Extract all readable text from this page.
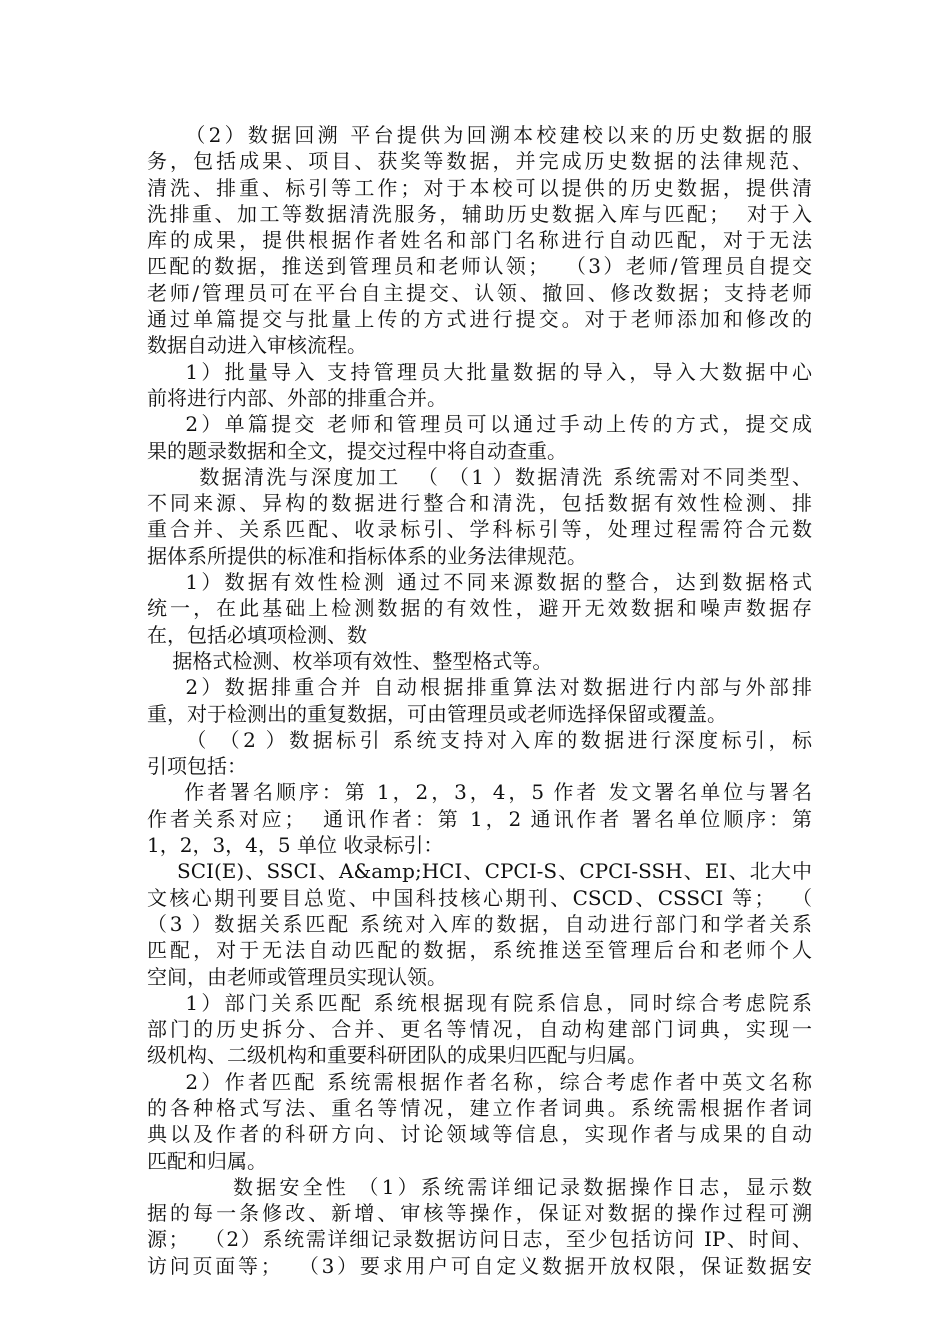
（2）数据回溯 平台提供为回溯本校建校以来的历史数据的服
务，包括成果、项目、获奖等数据，并完成历史数据的法律规范、
清洗、排重、标引等工作；对于本校可以提供的历史数据，提供清
洗排重、加工等数据清洗服务，辅助历史数据入库与匹配；  对于入
库的成果，提供根据作者姓名和部门名称进行自动匹配，对于无法
匹配的数据，推送到管理员和老师认领；  （3）老师/管理员自提交
老师/管理员可在平台自主提交、认领、撤回、修改数据；支持老师
通过单篇提交与批量上传的方式进行提交。对于老师添加和修改的
数据自动进入审核流程。
1）批量导入 支持管理员大批量数据的导入，导入大数据中心
前将进行内部、外部的排重合并。
2）单篇提交 老师和管理员可以通过手动上传的方式，提交成
果的题录数据和全文，提交过程中将自动查重。
数据清洗与深度加工  （ （1 ）数据清洗 系统需对不同类型、
不同来源、异构的数据进行整合和清洗，包括数据有效性检测、排
重合并、关系匹配、收录标引、学科标引等，处理过程需符合元数
据体系所提供的标准和指标体系的业务法律规范。
1）数据有效性检测 通过不同来源数据的整合，达到数据格式
统一，在此基础上检测数据的有效性，避开无效数据和噪声数据存
在，包括必填项检测、数
据格式检测、枚举项有效性、整型格式等。
2）数据排重合并 自动根据排重算法对数据进行内部与外部排
重，对于检测出的重复数据，可由管理员或老师选择保留或覆盖。
（ （2 ）数据标引 系统支持对入库的数据进行深度标引，标
引项包括：
作者署名顺序：第 1，2，3，4，5 作者 发文署名单位与署名
作者关系对应；  通讯作者：第 1，2 通讯作者 署名单位顺序：第
1，2，3，4，5 单位 收录标引：
SCI(E)、SSCI、A&amp;HCI、CPCI-S、CPCI-SSH、EI、北大中
文核心期刊要目总览、中国科技核心期刊、CSCD、CSSCI 等；  （
（3 ）数据关系匹配 系统对入库的数据，自动进行部门和学者关系
匹配，对于无法自动匹配的数据，系统推送至管理后台和老师个人
空间，由老师或管理员实现认领。
1）部门关系匹配 系统根据现有院系信息，同时综合考虑院系
部门的历史拆分、合并、更名等情况，自动构建部门词典，实现一
级机构、二级机构和重要科研团队的成果归匹配与归属。
2）作者匹配 系统需根据作者名称，综合考虑作者中英文名称
的各种格式写法、重名等情况，建立作者词典。系统需根据作者词
典以及作者的科研方向、讨论领域等信息，实现作者与成果的自动
匹配和归属。
数据安全性 （1）系统需详细记录数据操作日志，显示数
据的每一条修改、新增、审核等操作，保证对数据的操作过程可溯
源；  （2）系统需详细记录数据访问日志，至少包括访问 IP、时间、
访问页面等；  （3）要求用户可自定义数据开放权限，保证数据安
